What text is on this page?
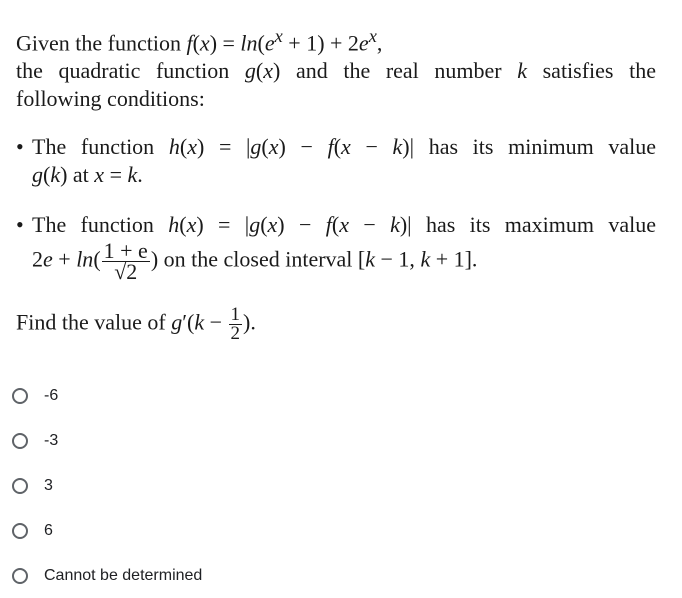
Given the function $f(x) = \ln(e^x + 1) + 2e^x$,
the quadratic function g(x) and the real number k satisfies the
following conditions:
• The function h(x) = |g(x) − f(x − k)| has its minimum value
g(k) at x = k.
• The function h(x) = |g(x) − f(x − k)| has its maximum value
$2e + \ln( \frac{1 + e}{√2}$ ) on the closed interval [k − 1, k + 1].
Find the value of $g'(k - \frac{1}{2}$ ).
-6
-3
3
6
Cannot be determined
